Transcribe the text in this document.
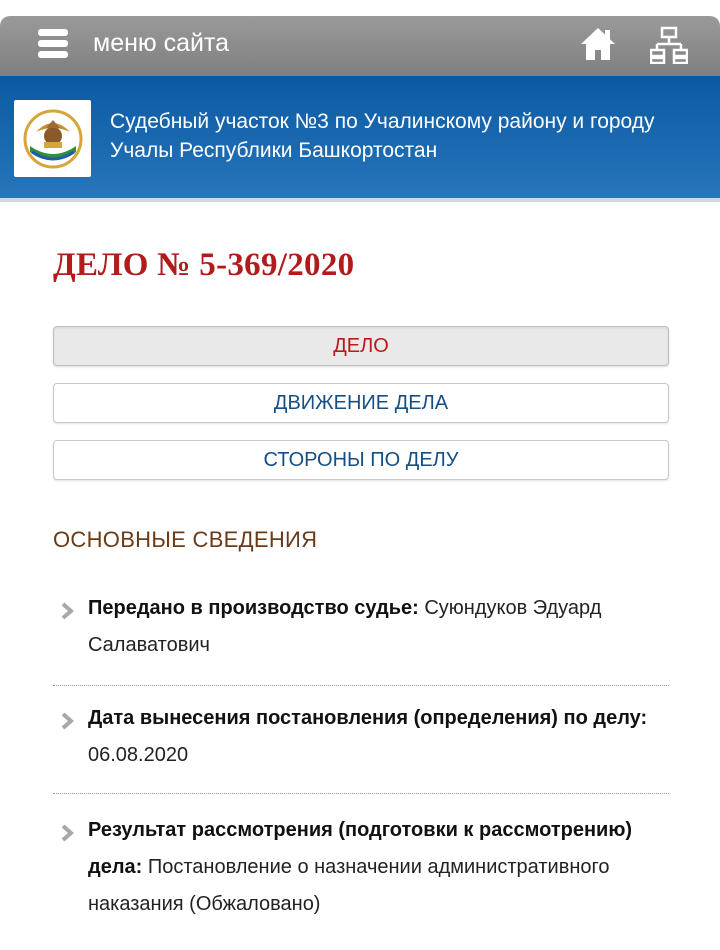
меню сайта
Судебный участок №3 по Учалинскому району и городу Учалы Республики Башкортостан
ДЕЛО № 5-369/2020
ДЕЛО
ДВИЖЕНИЕ ДЕЛА
СТОРОНЫ ПО ДЕЛУ
ОСНОВНЫЕ СВЕДЕНИЯ
Передано в производство судье: Суюндуков Эдуард Салаватович
Дата вынесения постановления (определения) по делу: 06.08.2020
Результат рассмотрения (подготовки к рассмотрению) дела: Постановление о назначении административного наказания (Обжаловано)
